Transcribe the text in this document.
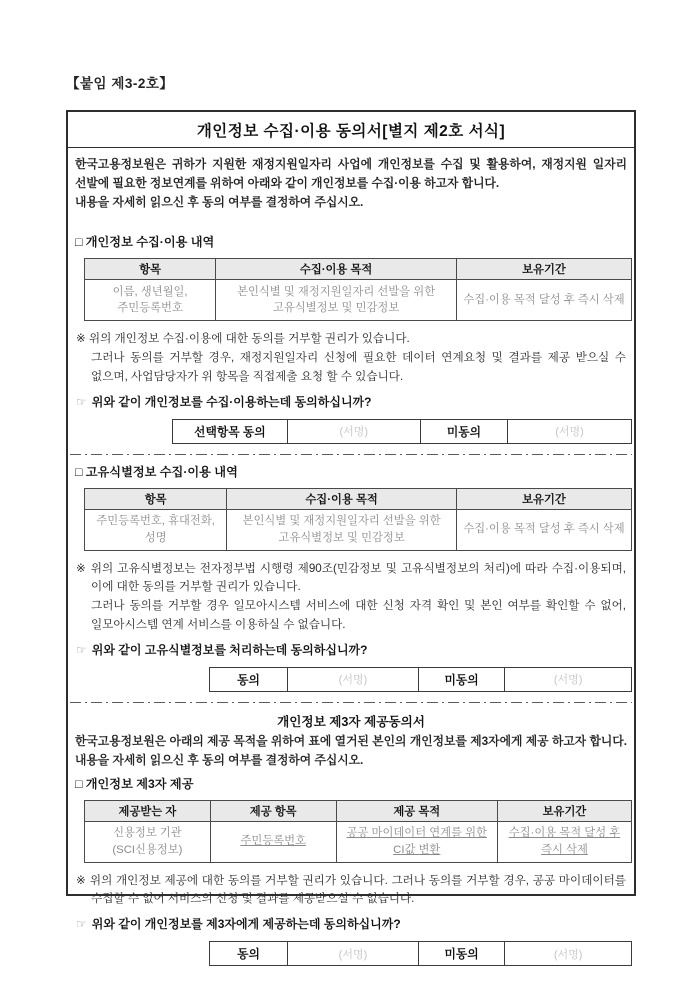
【붙임 제3-2호】
개인정보 수집·이용 동의서[별지 제2호 서식]

한국고용정보원은 귀하가 지원한 재정지원일자리 사업에 개인정보를 수집 및 활용하여, 재정지원 일자리 선발에 필요한 정보연계를 위하여 아래와 같이 개인정보를 수집·이용 하고자 합니다.

내용을 자세히 읽으신 후 동의 여부를 결정하여 주십시오.

□ 개인정보 수집·이용 내역
항목	수집·이용 목적	보유기간
이름, 생년월일, 주민등록번호	본인식별 및 재정지원일자리 선발을 위한 고유식별정보 및 민감정보	수집·이용 목적 달성 후 즉시 삭제

※ 위의 개인정보 수집·이용에 대한 동의를 거부할 권리가 있습니다.

그러나 동의를 거부할 경우, 재정지원일자리 신청에 필요한 데이터 연계요청 및 결과를 제공 받으실 수 없으며, 사업담당자가 위 항목을 직접제출 요청 할 수 있습니다.

☞ 위와 같이 개인정보를 수집·이용하는데 동의하십니까?
선택항목 동의	(서명)	미동의	(서명)
□ 고유식별정보 수집·이용 내역
항목	수집·이용 목적	보유기간
주민등록번호, 휴대전화, 성명	본인식별 및 재정지원일자리 선발을 위한 고유식별정보 및 민감정보	수집·이용 목적 달성 후 즉시 삭제

※ 위의 고유식별정보는 전자정부법 시행령 제90조(민감정보 및 고유식별정보의 처리)에 따라 수집·이용되며, 이에 대한 동의를 거부할 권리가 있습니다.

그러나 동의를 거부할 경우 일모아시스템 서비스에 대한 신청 자격 확인 및 본인 여부를 확인할 수 없어, 일모아시스템 연계 서비스를 이용하실 수 없습니다.

☞ 위와 같이 고유식별정보를 처리하는데 동의하십니까?
동의	(서명)	미동의	(서명)
개인정보 제3자 제공동의서

한국고용정보원은 아래의 제공 목적을 위하여 표에 열거된 본인의 개인정보를 제3자에게 제공 하고자 합니다. 내용을 자세히 읽으신 후 동의 여부를 결정하여 주십시오.

□ 개인정보 제3자 제공
제공받는 자	제공 항목	제공 목적	보유기간
신용정보 기관(SCI신용정보)	주민등록번호	공공 마이데이터 연계를 위한 CI값 변환	수집·이용 목적 달성 후 즉시 삭제

※ 위의 개인정보 제공에 대한 동의를 거부할 권리가 있습니다. 그러나 동의를 거부할 경우, 공공 마이데이터를 수집할 수 없어 서비스의 신청 및 결과를 제공받으실 수 없습니다.

☞ 위와 같이 개인정보를 제3자에게 제공하는데 동의하십니까?
동의	(서명)	미동의	(서명)
